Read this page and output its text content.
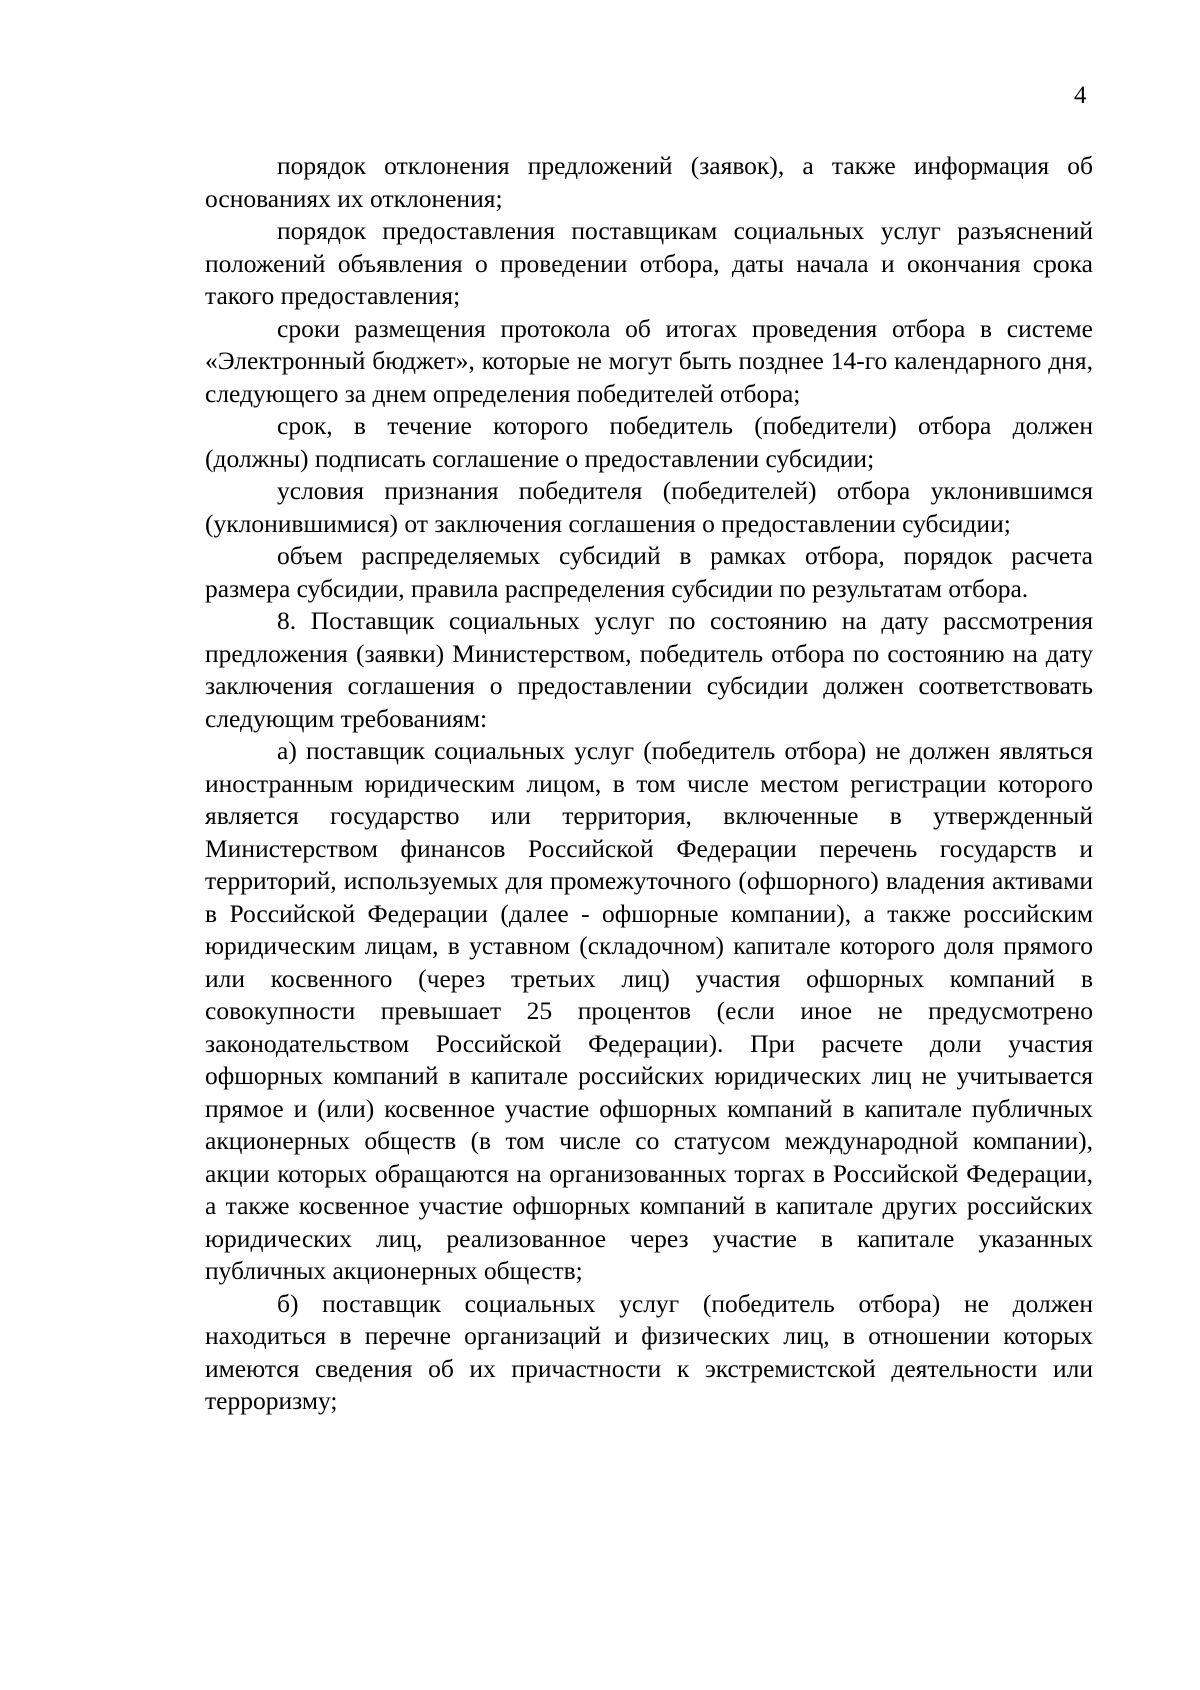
4

порядок отклонения предложений (заявок), а также информация об основаниях их отклонения;

порядок предоставления поставщикам социальных услуг разъяснений положений объявления о проведении отбора, даты начала и окончания срока такого предоставления;

сроки размещения протокола об итогах проведения отбора в системе «Электронный бюджет», которые не могут быть позднее 14-го календарного дня, следующего за днем определения победителей отбора;

срок, в течение которого победитель (победители) отбора должен (должны) подписать соглашение о предоставлении субсидии;

условия признания победителя (победителей) отбора уклонившимся (уклонившимися) от заключения соглашения о предоставлении субсидии;

объем распределяемых субсидий в рамках отбора, порядок расчета размера субсидии, правила распределения субсидии по результатам отбора.

8. Поставщик социальных услуг по состоянию на дату рассмотрения предложения (заявки) Министерством, победитель отбора по состоянию на дату заключения соглашения о предоставлении субсидии должен соответствовать следующим требованиям:

а) поставщик социальных услуг (победитель отбора) не должен являться иностранным юридическим лицом, в том числе местом регистрации которого является государство или территория, включенные в утвержденный Министерством финансов Российской Федерации перечень государств и территорий, используемых для промежуточного (офшорного) владения активами в Российской Федерации (далее - офшорные компании), а также российским юридическим лицам, в уставном (складочном) капитале которого доля прямого или косвенного (через третьих лиц) участия офшорных компаний в совокупности превышает 25 процентов (если иное не предусмотрено законодательством Российской Федерации). При расчете доли участия офшорных компаний в капитале российских юридических лиц не учитывается прямое и (или) косвенное участие офшорных компаний в капитале публичных акционерных обществ (в том числе со статусом международной компании), акции которых обращаются на организованных торгах в Российской Федерации, а также косвенное участие офшорных компаний в капитале других российских юридических лиц, реализованное через участие в капитале указанных публичных акционерных обществ;

б) поставщик социальных услуг (победитель отбора) не должен находиться в перечне организаций и физических лиц, в отношении которых имеются сведения об их причастности к экстремистской деятельности или терроризму;
